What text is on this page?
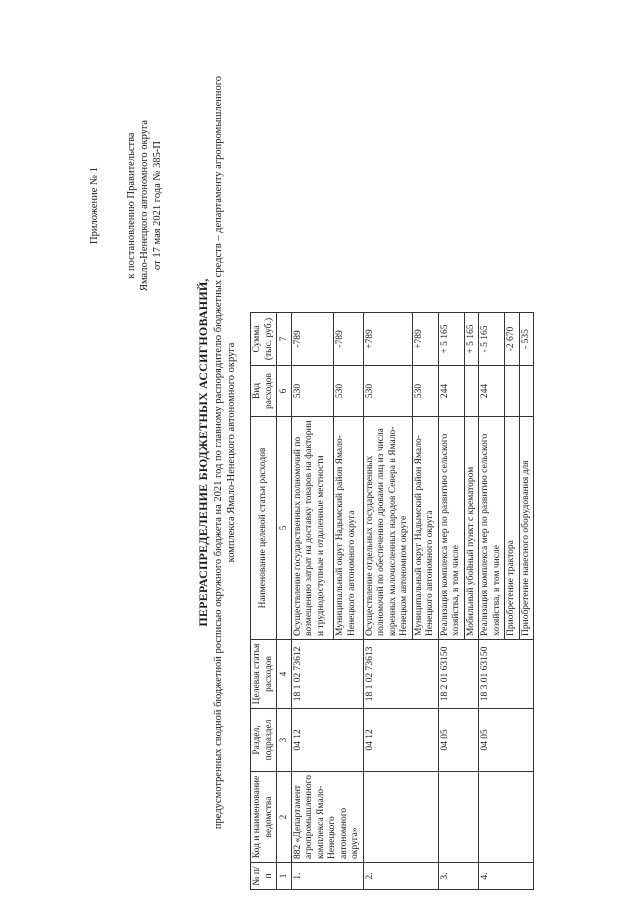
Приложение № 1 к постановлению Правительства Ямало-Ненецкого автономного округа от 17 мая 2021 года № 385-П
ПЕРЕРАСПРЕДЕЛЕНИЕ БЮДЖЕТНЫХ АССИГНОВАНИЙ, предусмотренных сводной бюджетной росписью окружного бюджета на 2021 год по главному распорядителю бюджетных средств – департаменту агропромышленного комплекса Ямало-Ненецкого автономного округа
№ п/п	Код и наименование ведомства	Раздел, подраздел	Целевая статья расходов	Наименование целевой статьи расходов	Вид расходов	Сумма (тыс. руб.)
1	2	3	4	5	6	7
1.	882 «Департамент агропромышленного комплекса Ямало-Ненецкого автономного округа»	04 12	18 1 02 73612	Осуществление государственных полномочий по возмещению затрат на доставку товаров на фактории и труднодоступные и отдаленные местности	530	-789
				Муниципальный округ Надымский район Ямало-Ненецкого автономного округа	530	-789
2.		04 12	18 1 02 73613	Осуществление отдельных государственных полномочий по обеспечению дровами лиц из числа коренных малочисленных народов Севера в Ямало-Ненецком автономном округе	530	+789
				Муниципальный округ Надымский район Ямало-Ненецкого автономного округа	530	+789
3.		04 05	18 2 01 63150	Реализация комплекса мер по развитию сельского хозяйства, в том числе	244	+ 5 165
				Мобильный убойный пункт с крематором		+ 5 165
4.		04 05	18 3 01 63150	Реализация комплекса мер по развитию сельского хозяйства, в том числе	244	- 5 165
				Приобретение трактора		-2 670
				Приобретение навесного оборудования для		- 535
